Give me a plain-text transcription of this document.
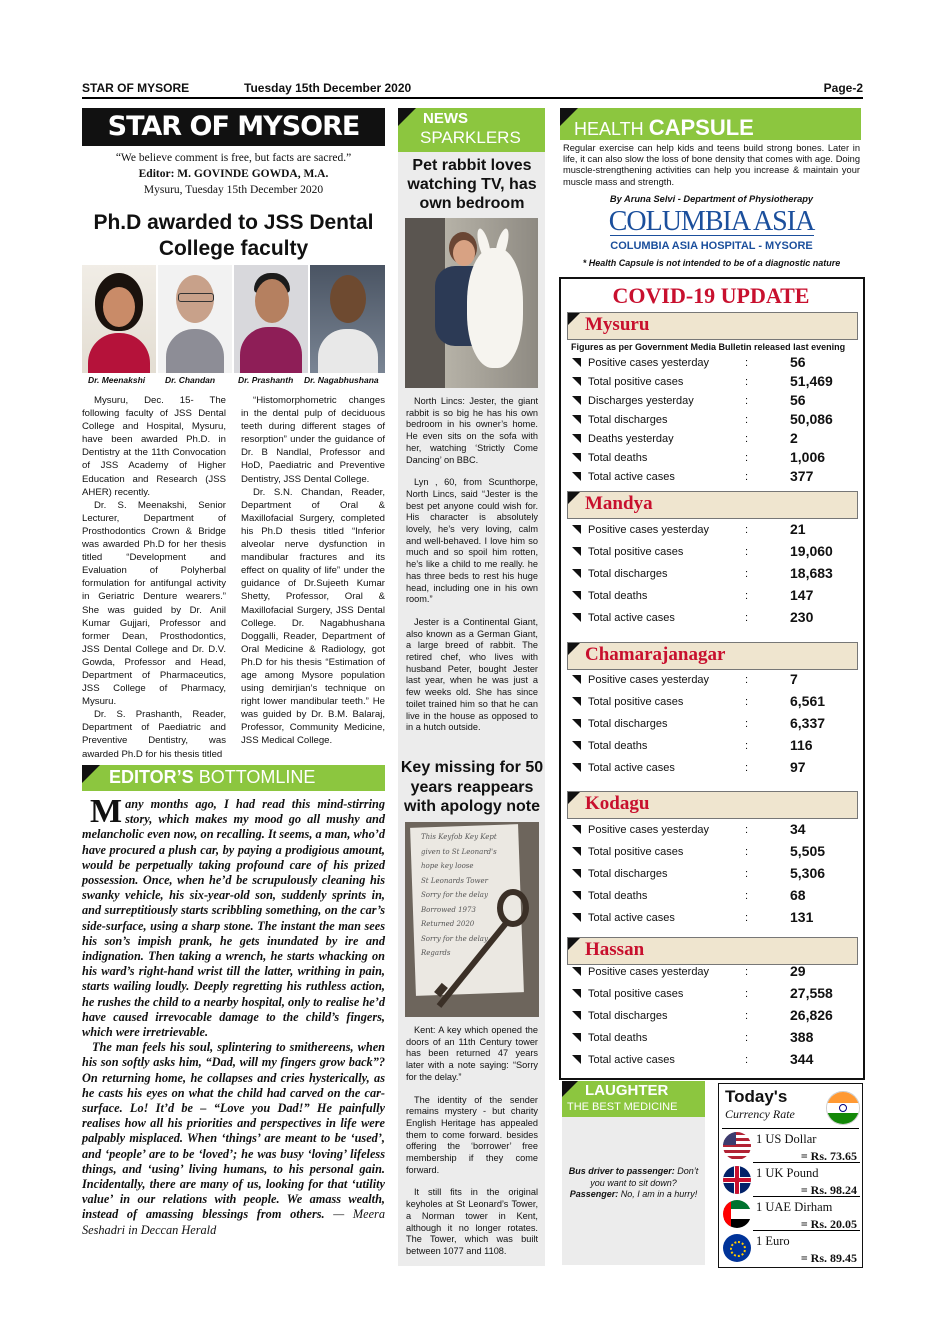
STAR OF MYSORE	Tuesday 15th December 2020	Page-2
STAR OF MYSORE
“We believe comment is free, but facts are sacred.”
Editor: M. GOVINDE GOWDA, M.A.
Mysuru, Tuesday 15th December 2020
Ph.D awarded to JSS Dental College faculty
Dr. Meenakshi Dr. Chandan	Dr. Prashanth Dr. Nagabhushana

Mysuru, Dec. 15- The following faculty of JSS Dental College and Hospital, Mysuru, have been awarded Ph.D. in Dentistry at the 11th Convocation of JSS Academy of Higher Education and Research (JSS AHER) recently.

Dr. S. Meenakshi, Senior Lecturer, Department of Prosthodontics Crown & Bridge was awarded Ph.D for her thesis titled “Development and Evaluation of Polyherbal formulation for antifungal activity in Geriatric Denture wearers.” She was guided by Dr. Anil Kumar Gujjari, Professor and former Dean, Prosthodontics, JSS Dental College and Dr. D.V. Gowda, Professor and Head, Department of Pharmaceutics, JSS College of Pharmacy, Mysuru.

Dr. S. Prashanth, Reader, Department of Paediatric and Preventive Dentistry, was awarded Ph.D for his thesis titled

“Histomorphometric changes in the dental pulp of deciduous teeth during different stages of resorption” under the guidance of Dr. B Nandlal, Professor and HoD, Paediatric and Preventive Dentistry, JSS Dental College.

Dr. S.N. Chandan, Reader, Department of Oral & Maxillofacial Surgery, completed his Ph.D thesis titled “Inferior alveolar nerve dysfunction in mandibular fractures and its effect on quality of life” under the guidance of Dr.Sujeeth Kumar Shetty, Professor, Oral & Maxillofacial Surgery, JSS Dental College. Dr. Nagabhushana Doggalli, Reader, Department of Oral Medicine & Radiology, got Ph.D for his thesis “Estimation of age among Mysore population using demirjian’s technique on right lower mandibular teeth.” He was guided by Dr. B.M. Balaraj, Professor, Community Medicine, JSS Medical College.

EDITOR’S BOTTOMLINE
M any months ago, I had read this mind-stirring story, which makes my mood go all mushy and melancholic even now, on recalling. It seems, a man, who’d have procured a plush car, by paying a prodigious amount, would be perpetually taking profound care of his prized possession. Once, when he’d be scrupulously cleaning his swanky vehicle, his six-year-old son, suddenly sprints in, and surreptitiously starts scribbling something, on the car’s side-surface, using a sharp stone. The instant the man sees his son’s impish prank, he gets inundated by ire and indignation. Then taking a wrench, he starts whacking on his ward’s right-hand wrist till the latter, writhing in pain, starts wailing loudly. Deeply regretting his ruthless action, he rushes the child to a nearby hospital, only to realise he’d have caused irrevocable damage to the child’s fingers, which were irretrievable.
The man feels his soul, splintering to smithereens, when his son softly asks him, “Dad, will my fingers grow back”? On returning home, he collapses and cries hysterically, as he casts his eyes on what the child had carved on the car-surface. Lo! It’d be – “Love you Dad!” He painfully realises how all his priorities and perspectives in life were palpably misplaced. When ‘things’ are meant to be ‘used’, and ‘people’ are to be ‘loved’; he was busy ‘loving’ lifeless things, and ‘using’ living humans, to his personal gain. Incidentally, there are many of us, looking for that ‘utility value’ in our relations with people. We amass wealth, instead of amassing blessings from others. — Meera Seshadri in Deccan Herald
NEWS
SPARKLERS
Pet rabbit loves watching TV, has own bedroom

North Lincs: Jester, the giant rabbit is so big he has his own bedroom in his owner’s home. He even sits on the sofa with her, watching ‘Strictly Come Dancing’ on BBC.

Lyn , 60, from Scunthorpe, North Lincs, said “Jester is the best pet anyone could wish for. His character is absolutely lovely, he’s very loving, calm and well-behaved. I love him so much and so spoil him rotten, he’s like a child to me really. he has three beds to rest his huge head, including one in his own room.”

Jester is a Continental Giant, also known as a German Giant, a large breed of rabbit. The retired chef, who lives with husband Peter, bought Jester last year, when he was just a few weeks old. She has since toilet trained him so that he can live in the house as opposed to in a hutch outside.

Key missing for 50 years reappears with apology note
This Keyfob Key Kept
given to St Leonard's
hope key loose
St Leonards Tower
Sorry for the delay
Borrowed 1973
Returned 2020
Sorry for the delay
Regards

Kent: A key which opened the doors of an 11th Century tower has been returned 47 years later with a note saying: “Sorry for the delay.”

The identity of the sender remains mystery - but charity English Heritage has appealed them to come forward. besides offering the ‘borrower’ free membership if they come forward.

It still fits in the original keyholes at St Leonard’s Tower, a Norman tower in Kent, although it no longer rotates. The Tower, which was built between 1077 and 1108.

HEALTH CAPSULE
Regular exercise can help kids and teens build strong bones. Later in life, it can also slow the loss of bone density that comes with age. Doing muscle-strengthening activities can help you increase & maintain your muscle mass and strength.
By Aruna Selvi - Department of Physiotherapy
COLUMBIA ASIA
COLUMBIA ASIA HOSPITAL - MYSORE
* Health Capsule is not intended to be of a diagnostic nature
COVID-19 UPDATE
Mysuru
Figures as per Government Media Bulletin released last evening
Positive cases yesterday	:	56
Total positive cases	:	51,469
Discharges yesterday	:	56
Total discharges	:	50,086
Deaths yesterday	:	2
Total deaths	:	1,006
Total active cases	:	377
Mandya
Positive cases yesterday	:	21
Total positive cases	:	19,060
Total discharges	:	18,683
Total deaths	:	147
Total active cases	:	230
Chamarajanagar
Positive cases yesterday	:	7
Total positive cases	:	6,561
Total discharges	:	6,337
Total deaths	:	116
Total active cases	:	97
Kodagu
Positive cases yesterday	:	34
Total positive cases	:	5,505
Total discharges	:	5,306
Total deaths	:	68
Total active cases	:	131
Hassan
Positive cases yesterday	:	29
Total positive cases	:	27,558
Total discharges	:	26,826
Total deaths	:	388
Total active cases	:	344
LAUGHTER
THE BEST MEDICINE
Bus driver to passenger: Don’t you want to sit down?
Passenger: No, I am in a hurry!
Today's
Currency Rate
1 US Dollar
= Rs. 73.65
1 UK Pound
= Rs. 98.24
1 UAE Dirham
= Rs. 20.05
1 Euro
= Rs. 89.45
